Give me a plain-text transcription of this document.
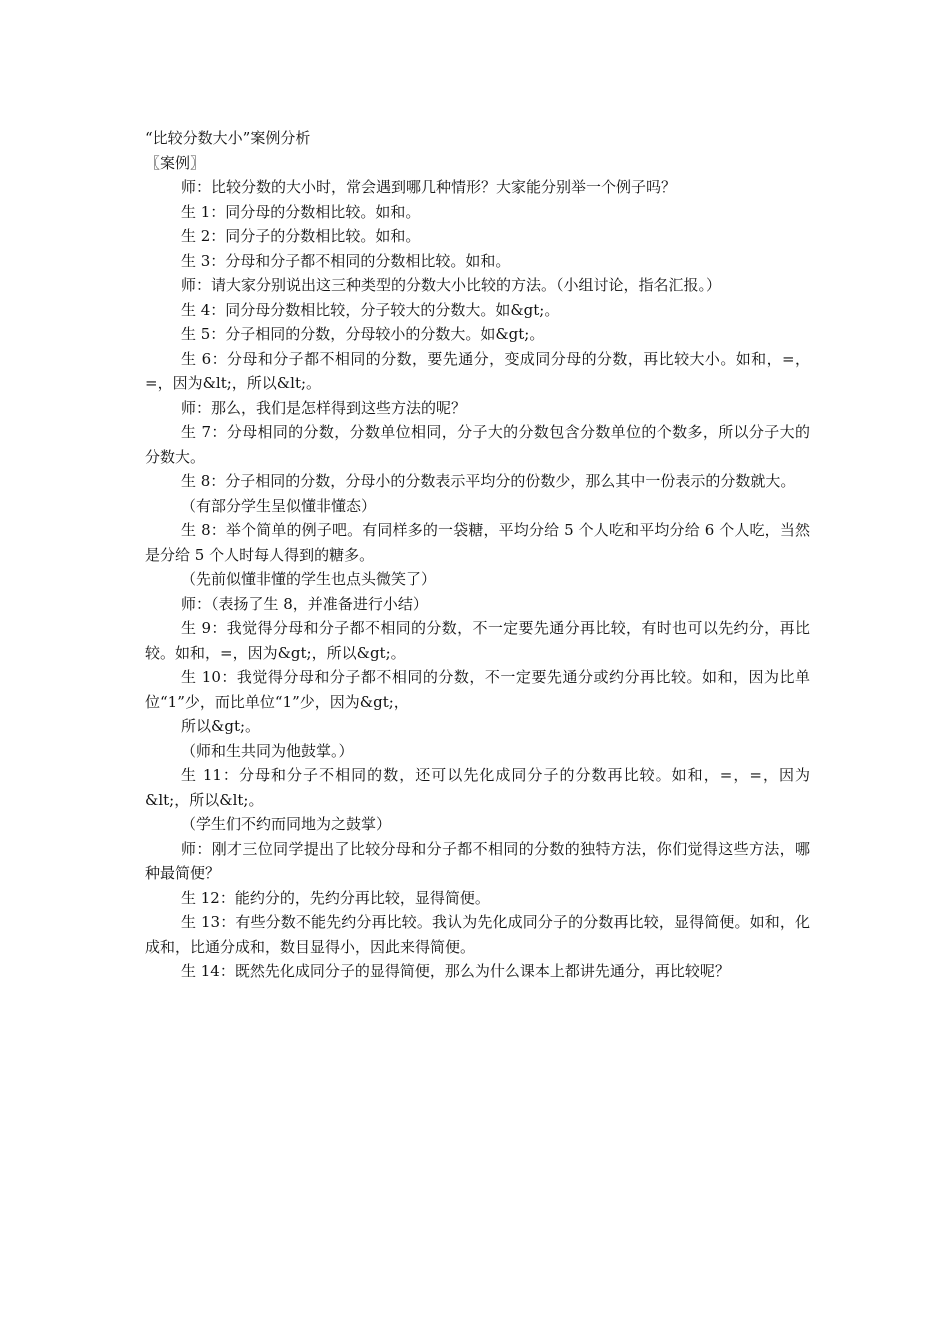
“比较分数大小”案例分析

〖案例〗

师：比较分数的大小时，常会遇到哪几种情形？大家能分别举一个例子吗？

生 1：同分母的分数相比较。如和。

生 2：同分子的分数相比较。如和。

生 3：分母和分子都不相同的分数相比较。如和。

师：请大家分别说出这三种类型的分数大小比较的方法。（小组讨论，指名汇报。）

生 4：同分母分数相比较，分子较大的分数大。如&gt;。

生 5：分子相同的分数，分母较小的分数大。如&gt;。

生 6：分母和分子都不相同的分数，要先通分，变成同分母的分数，再比较大小。如和，=，=，因为&lt;，所以&lt;。

师：那么，我们是怎样得到这些方法的呢？

生 7：分母相同的分数，分数单位相同，分子大的分数包含分数单位的个数多，所以分子大的分数大。

生 8：分子相同的分数，分母小的分数表示平均分的份数少，那么其中一份表示的分数就大。

（有部分学生呈似懂非懂态）

生 8：举个简单的例子吧。有同样多的一袋糖，平均分给 5 个人吃和平均分给 6 个人吃，当然是分给 5 个人时每人得到的糖多。

（先前似懂非懂的学生也点头微笑了）

师：（表扬了生 8，并准备进行小结）

生 9：我觉得分母和分子都不相同的分数，不一定要先通分再比较，有时也可以先约分，再比较。如和，=，因为&gt;，所以&gt;。

生 10：我觉得分母和分子都不相同的分数，不一定要先通分或约分再比较。如和，因为比单位“1”少，而比单位“1”少，因为&gt;，

所以&gt;。

（师和生共同为他鼓掌。）

生 11：分母和分子不相同的数，还可以先化成同分子的分数再比较。如和，=，=，因为&lt;，所以&lt;。

（学生们不约而同地为之鼓掌）

师：刚才三位同学提出了比较分母和分子都不相同的分数的独特方法，你们觉得这些方法，哪种最简便？

生 12：能约分的，先约分再比较，显得简便。

生 13：有些分数不能先约分再比较。我认为先化成同分子的分数再比较，显得简便。如和，化成和，比通分成和，数目显得小，因此来得简便。

生 14：既然先化成同分子的显得简便，那么为什么课本上都讲先通分，再比较呢？
